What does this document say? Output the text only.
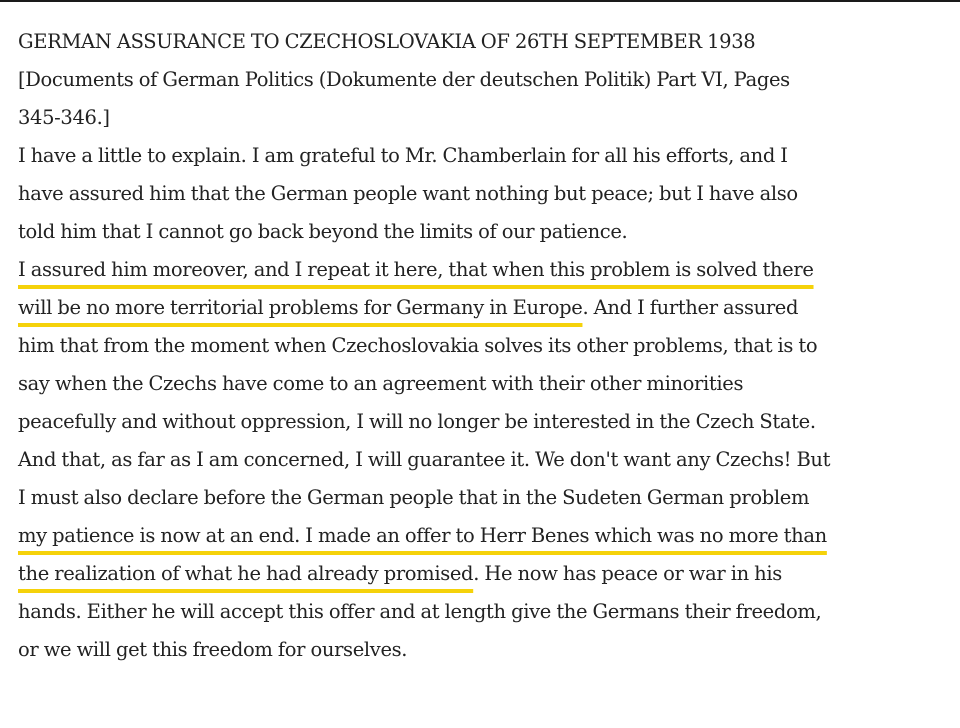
GERMAN ASSURANCE TO CZECHOSLOVAKIA OF 26TH SEPTEMBER 1938

[Documents of German Politics (Dokumente der deutschen Politik) Part VI, Pages

345-346.]

I have a little to explain. I am grateful to Mr. Chamberlain for all his efforts, and I

have assured him that the German people want nothing but peace; but I have also

told him that I cannot go back beyond the limits of our patience.

I assured him moreover, and I repeat it here, that when this problem is solved there

will be no more territorial problems for Germany in Europe. And I further assured

him that from the moment when Czechoslovakia solves its other problems, that is to

say when the Czechs have come to an agreement with their other minorities

peacefully and without oppression, I will no longer be interested in the Czech State.

And that, as far as I am concerned, I will guarantee it. We don't want any Czechs! But

I must also declare before the German people that in the Sudeten German problem

my patience is now at an end. I made an offer to Herr Benes which was no more than

the realization of what he had already promised. He now has peace or war in his

hands. Either he will accept this offer and at length give the Germans their freedom,

or we will get this freedom for ourselves.
